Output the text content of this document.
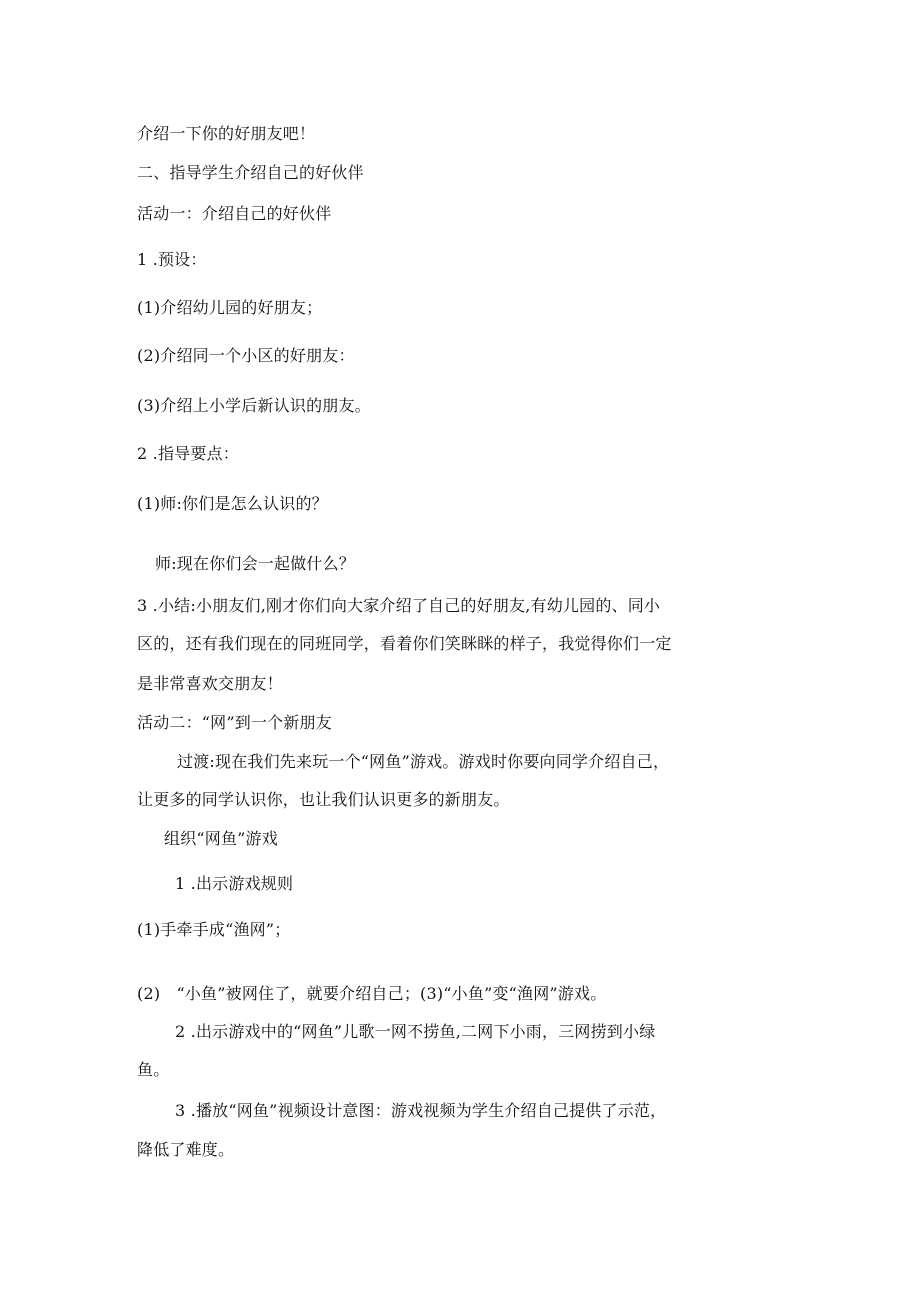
介绍一下你的好朋友吧！
二、指导学生介绍自己的好伙伴
活动一：介绍自己的好伙伴
1 .预设：
(1)介绍幼儿园的好朋友；
(2)介绍同一个小区的好朋友：
(3)介绍上小学后新认识的朋友。
2 .指导要点：
(1)师:你们是怎么认识的？
师:现在你们会一起做什么？
3 .小结:小朋友们,刚才你们向大家介绍了自己的好朋友,有幼儿园的、同小
区的，还有我们现在的同班同学，看着你们笑眯眯的样子，我觉得你们一定
是非常喜欢交朋友！
活动二：“网”到一个新朋友
过渡:现在我们先来玩一个“网鱼”游戏。游戏时你要向同学介绍自己，
让更多的同学认识你，也让我们认识更多的新朋友。
组织“网鱼”游戏
1 .出示游戏规则
(1)手牵手成“渔网”；
(2)　“小鱼”被网住了，就要介绍自己；(3)“小鱼”变“渔网”游戏。
2 .出示游戏中的“网鱼”儿歌一网不捞鱼,二网下小雨，三网捞到小绿
鱼。
3 .播放“网鱼”视频设计意图：游戏视频为学生介绍自己提供了示范，
降低了难度。
